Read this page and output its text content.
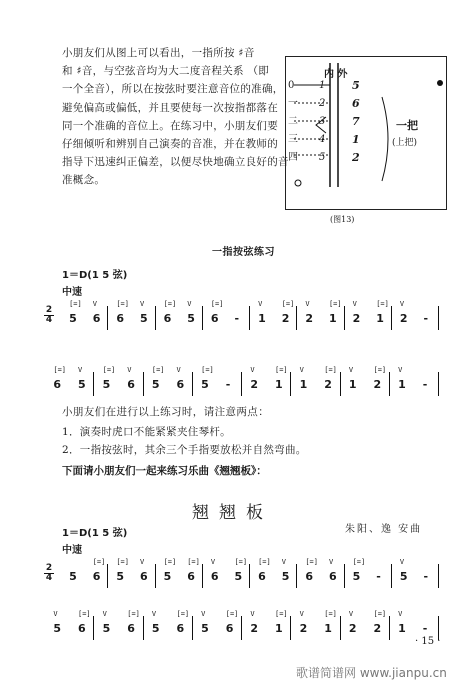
小朋友们从图上可以看出，一指所按 ♯音
和 ♯音，与空弦音均为大二度音程关系 （即
一个全音），所以在按弦时要注意音位的准确，
避免偏高或偏低，并且要使每一次按指都落在
同一个准确的音位上。在练习中，小朋友们要
仔细倾听和辨别自己演奏的音准，并在教师的
指导下迅速纠正偏差，以便尽快地确立良好的音
准概念。
内 外
0
一
二
三
四
1
2
3
4
5
5
6
7
1
2
一把
(上把)
(图13)
一指按弦练习
1＝D(1 5 弦)
中速
2
4
[=]
5
V
6
[=]
6
V
5
[=]
6
V
5
[=]
6 -
V
1
[=]
2
V
2
[=]
1
V
2
[=]
1
V
2 -
[=]
6
V
5
[=]
5
V
6
[=]
5
V
6
[=]
5 -
V
2
[=]
1
V
1
[=]
2
V
1
[=]
2
V
1 -
小朋友们在进行以上练习时，请注意两点：
1．演奏时虎口不能紧紧夹住琴杆。
2．一指按弦时，其余三个手指要放松并自然弯曲。
下面请小朋友们一起来练习乐曲《翘翘板》：
翘翘板
朱阳、逸 安曲
1＝D(1 5 弦)
中速
2
4 5
[=]
6
[=]
5
V
6
[=]
5
[=]
6
V
6
[=]
5
[=]
6
V
5
[=]
6
V
6
[=]
5 -
V
5 -
V
5
[=]
6
V
5
[=]
6
V
5
[=]
6
V
5
[=]
6
V
2
[=]
1
V
2
[=]
1
V
2
[=]
2
V
1 -
· 15 ·
歌谱简谱网 www.jianpu.cn
